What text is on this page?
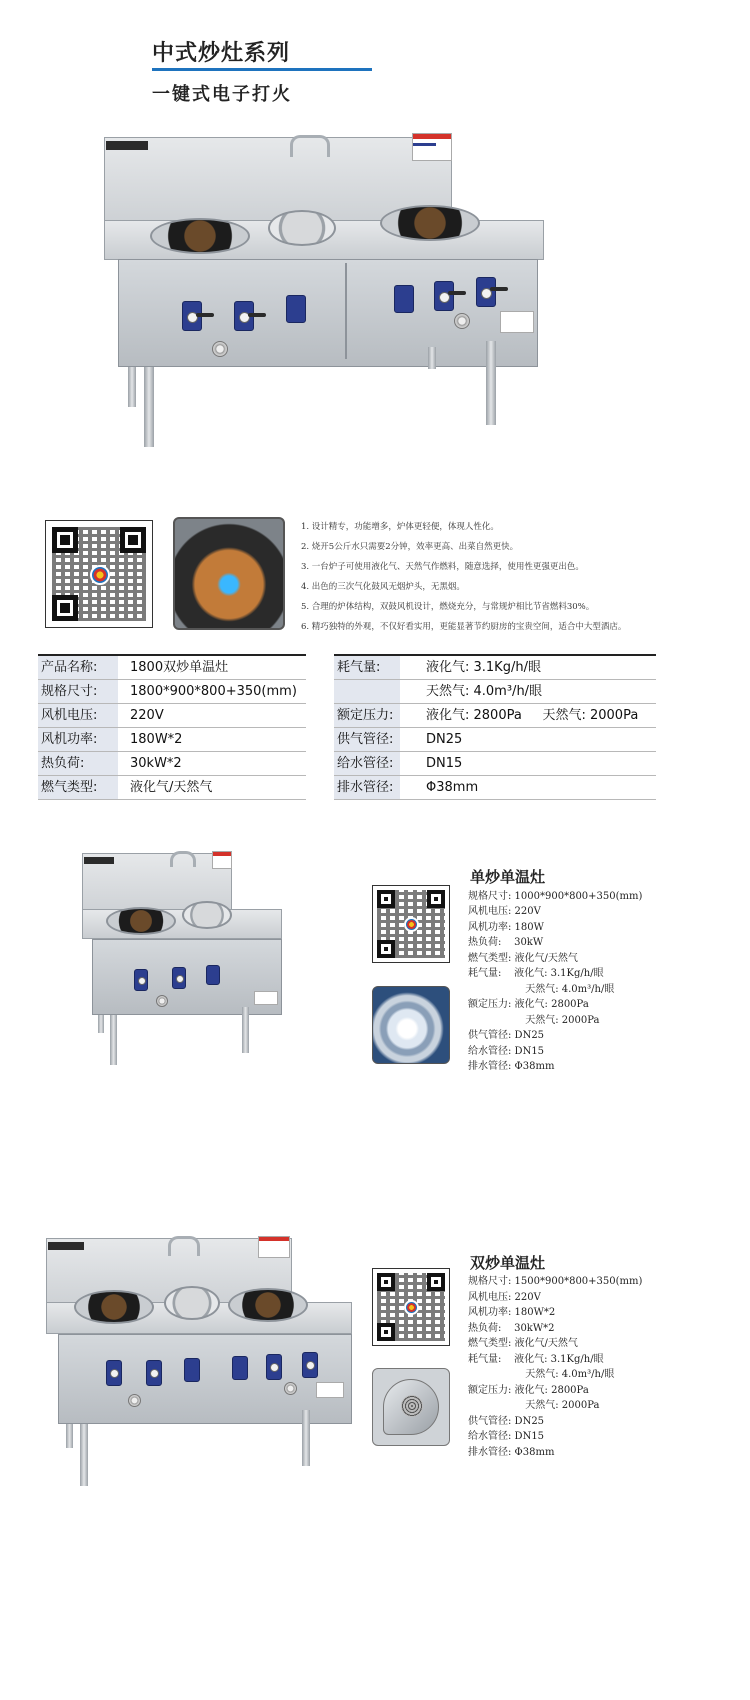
中式炒灶系列
一键式电子打火
1. 设计精专，功能增多，炉体更轻便，体现人性化。
2. 烧开5公斤水只需要2分钟，效率更高、出菜自然更快。
3. 一台炉子可使用液化气、天然气作燃料，随意选择，使用性更强更出色。
4. 出色的三次气化鼓风无烟炉头，无黑烟。
5. 合理的炉体结构，双鼓风机设计，燃烧充分，与常规炉相比节省燃料30%。
6. 精巧独特的外观，不仅好看实用，更能显著节约厨房的宝贵空间，适合中大型酒店。
产品名称:	1800双炒单温灶
规格尺寸:	1800*900*800+350(mm)
风机电压:	220V
风机功率:	180W*2
热负荷:	30kW*2
燃气类型:	液化气/天然气
耗气量:	液化气: 3.1Kg/h/眼
天然气: 4.0m³/h/眼
额定压力:	液化气: 2800Pa     天然气: 2000Pa
供气管径:	DN25
给水管径:	DN15
排水管径:	Φ38mm
单炒单温灶
规格尺寸: 1000*900*800+350(mm)
风机电压: 220V
风机功率: 180W
热负荷:    30kW
燃气类型: 液化气/天然气
耗气量:    液化气: 3.1Kg/h/眼
天然气: 4.0m³/h/眼
额定压力: 液化气: 2800Pa
天然气: 2000Pa
供气管径: DN25
给水管径: DN15
排水管径: Φ38mm
双炒单温灶
规格尺寸: 1500*900*800+350(mm)
风机电压: 220V
风机功率: 180W*2
热负荷:    30kW*2
燃气类型: 液化气/天然气
耗气量:    液化气: 3.1Kg/h/眼
天然气: 4.0m³/h/眼
额定压力: 液化气: 2800Pa
天然气: 2000Pa
供气管径: DN25
给水管径: DN15
排水管径: Φ38mm
